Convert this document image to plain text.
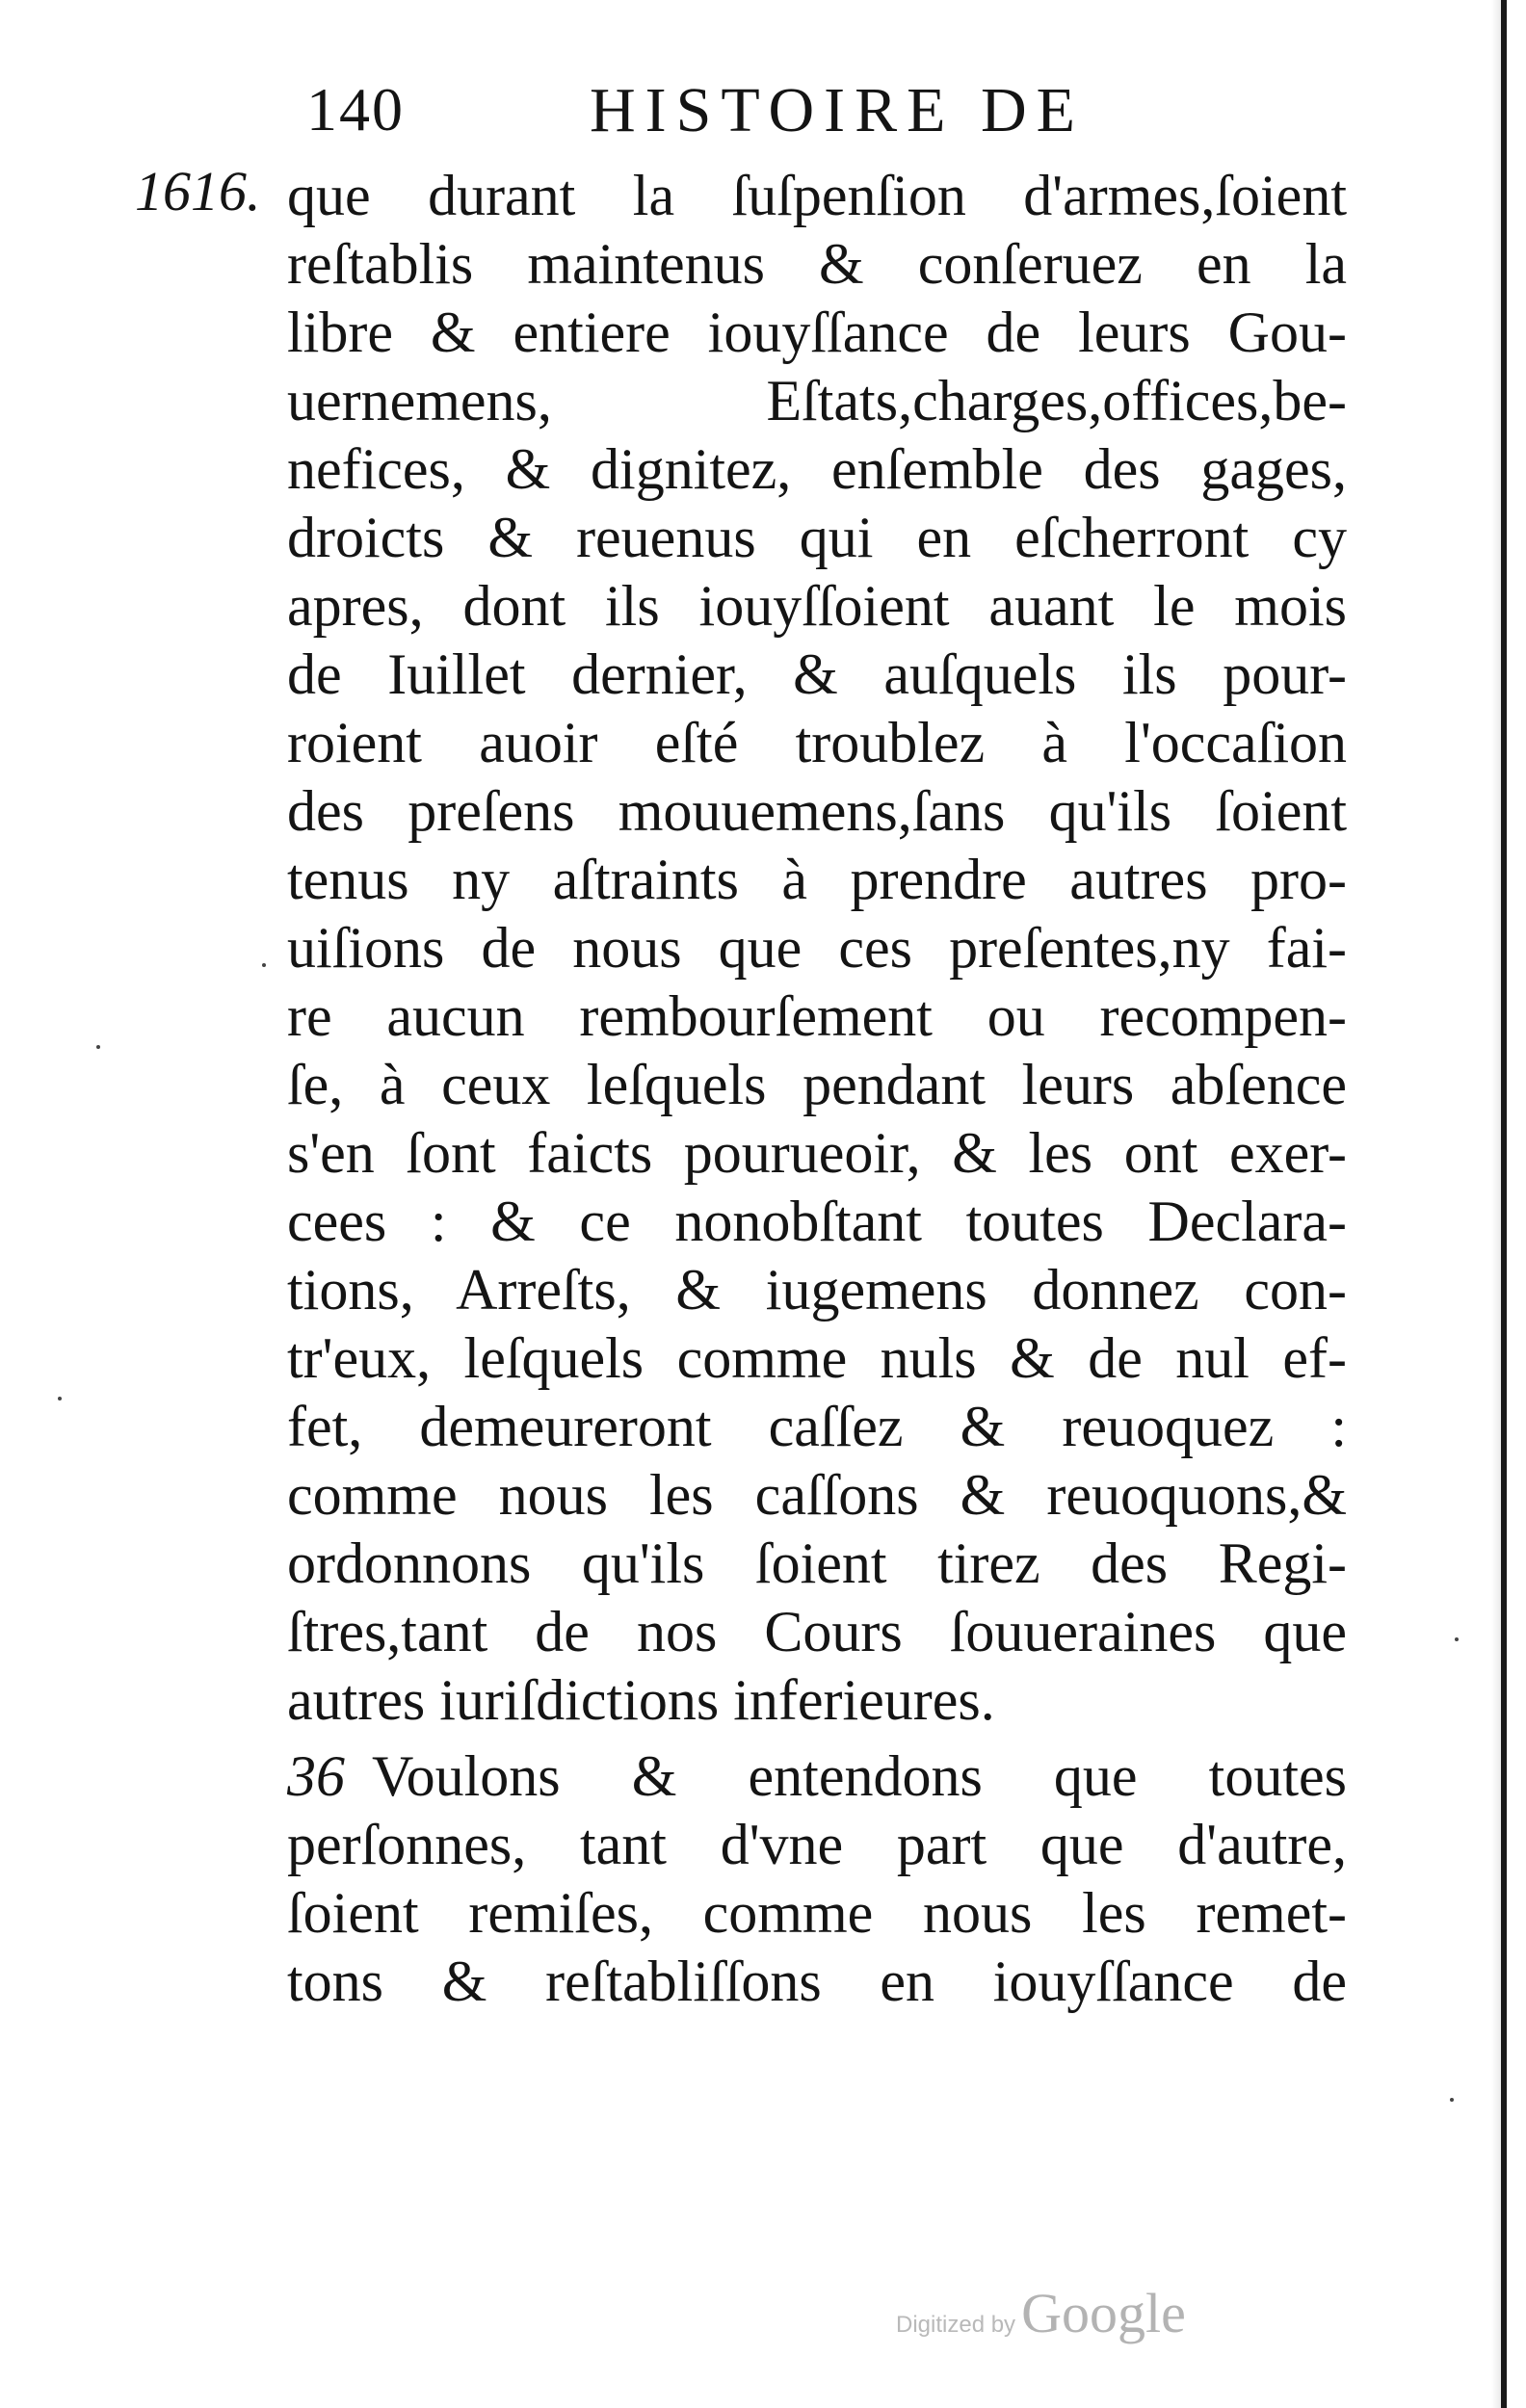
140	HISTOIRE DE
1616. que durant la ſuſpenſion d'armes,ſoient
reſtablis maintenus & conſeruez en la
libre & entiere iouyſſance de leurs Gou-
uernemens, Eſtats,charges,offices,be-
nefices, & dignitez, enſemble des gages,
droicts & reuenus qui en eſcherront cy
apres, dont ils iouyſſoient auant le mois
de Iuillet dernier, & auſquels ils pour-
roient auoir eſté troublez à l'occaſion
des preſens mouuemens,ſans qu'ils ſoient
tenus ny aſtraints à prendre autres pro-
uiſions de nous que ces preſentes,ny fai-
re aucun rembourſement ou recompen-
ſe, à ceux leſquels pendant leurs abſence
s'en ſont faicts pourueoir, & les ont exer-
cees : & ce nonobſtant toutes Declara-
tions, Arreſts, & iugemens donnez con-
tr'eux, leſquels comme nuls & de nul ef-
fet, demeureront caſſez & reuoquez :
comme nous les caſſons & reuoquons,&
ordonnons qu'ils ſoient tirez des Regi-
ſtres,tant de nos Cours ſouueraines que
autres iuriſdictions inferieures.
36 Voulons & entendons que toutes
perſonnes, tant d'vne part que d'autre,
ſoient remiſes, comme nous les remet-
tons & reſtabliſſons en iouyſſance de
Digitized by Google
